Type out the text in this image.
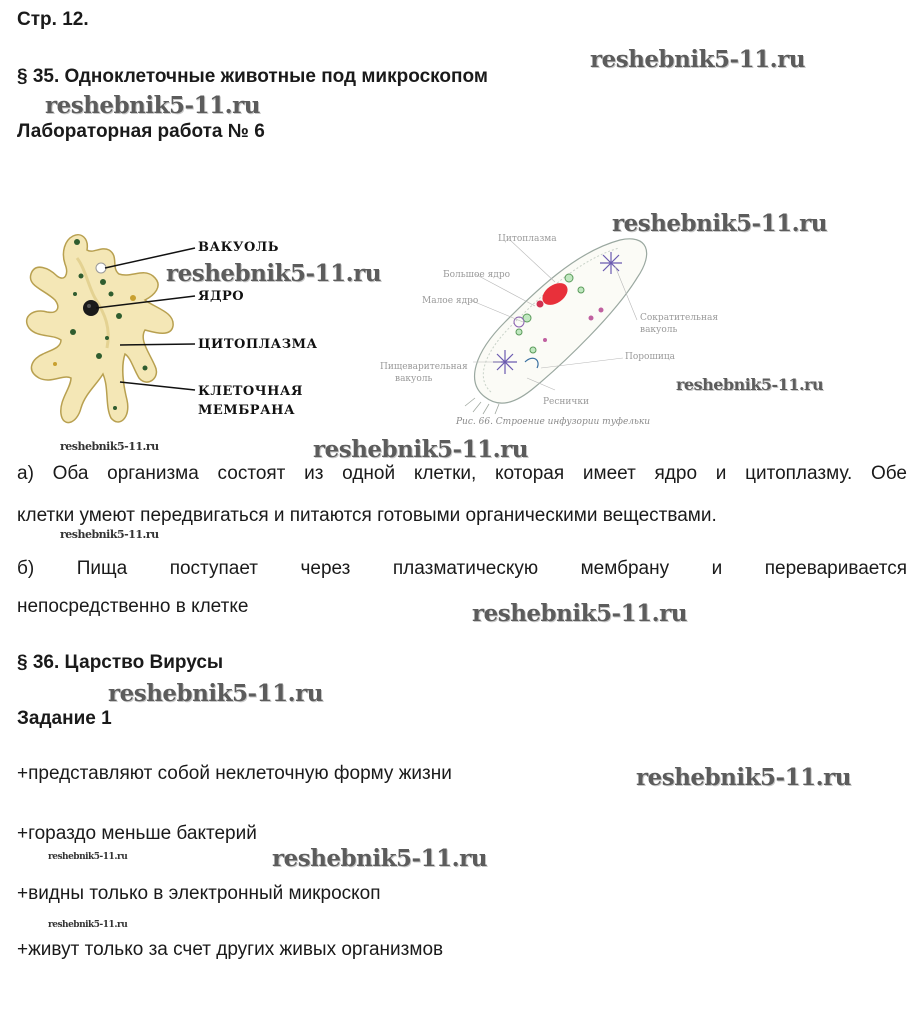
Стр. 12.
§ 35. Одноклеточные животные под микроскопом
Лабораторная работа № 6
ВАКУОЛЬ
ЯДРО
ЦИТОПЛАЗМА
КЛЕТОЧНАЯ
МЕМБРАНА
Цитоплазма
Большое ядро
Малое ядро
Сократительная
вакуоль
Пищеварительная
вакуоль
Порошица
Реснички
Рис. 66. Строение инфузории туфельки
а) Оба организма состоят из одной клетки, которая имеет ядро и цитоплазму. Обе
клетки умеют передвигаться и питаются готовыми органическими веществами.
б) Пища поступает через плазматическую мембрану и переваривается
непосредственно в клетке
§ 36. Царство Вирусы
Задание 1
+представляют собой неклеточную форму жизни
+гораздо меньше бактерий
+видны только в электронный микроскоп
+живут только за счет других живых организмов
reshebnik5-11.ru
reshebnik5-11.ru
reshebnik5-11.ru
reshebnik5-11.ru
reshebnik5-11.ru
reshebnik5-11.ru	reshebnik5-11.ru
reshebnik5-11.ru
reshebnik5-11.ru
reshebnik5-11.ru
reshebnik5-11.ru
reshebnik5-11.ru	reshebnik5-11.ru
reshebnik5-11.ru
